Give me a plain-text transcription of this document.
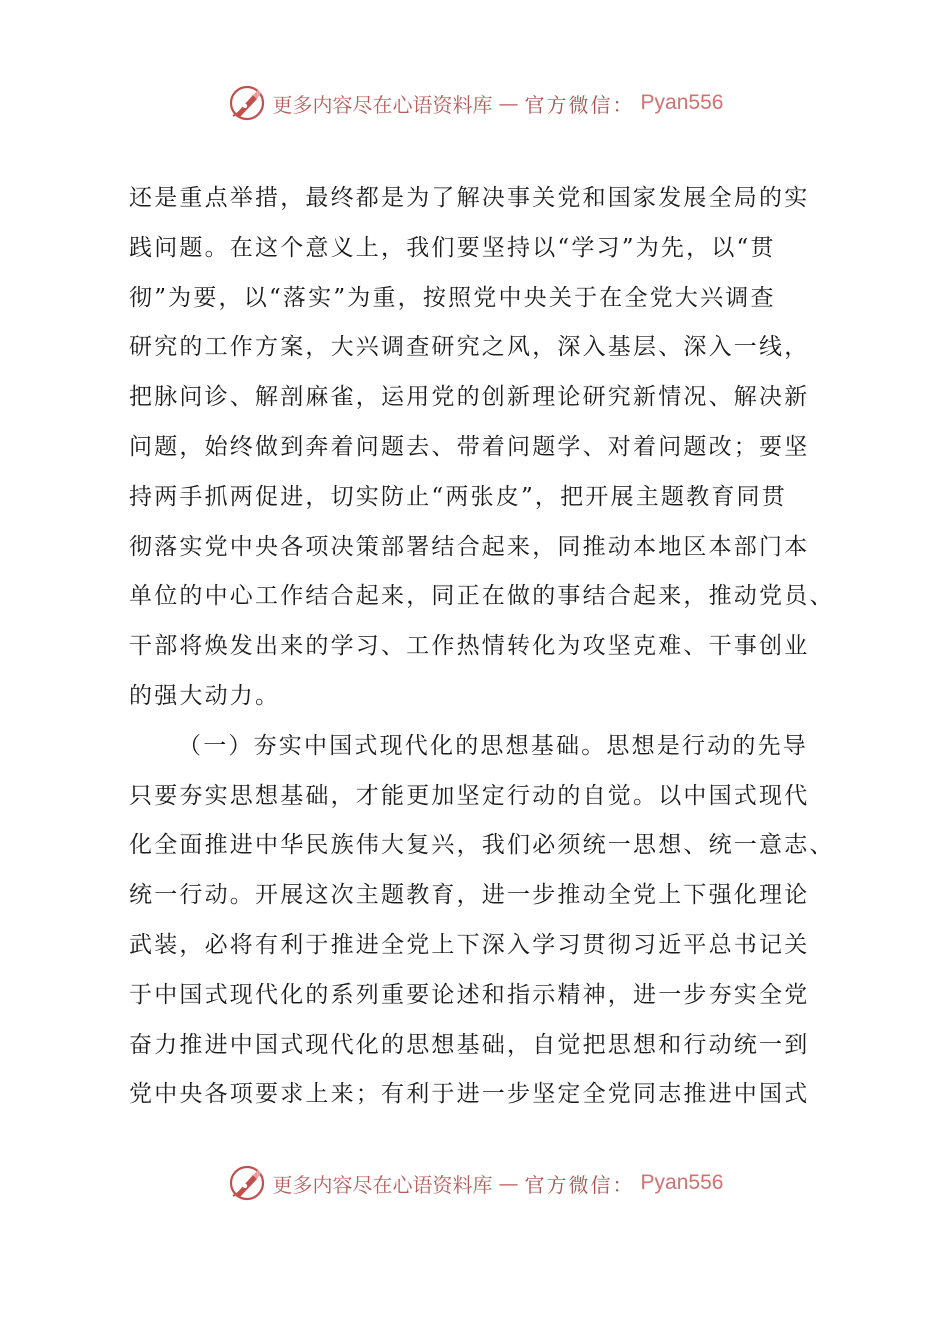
更多内容尽在心语资料库 — 官方微信： Pyan556
还是重点举措，最终都是为了解决事关党和国家发展全局的实
践问题。在这个意义上，我们要坚持以“学习”为先，以“贯
彻”为要，以“落实”为重，按照党中央关于在全党大兴调查
研究的工作方案，大兴调查研究之风，深入基层、深入一线，
把脉问诊、解剖麻雀，运用党的创新理论研究新情况、解决新
问题，始终做到奔着问题去、带着问题学、对着问题改；要坚
持两手抓两促进，切实防止“两张皮”，把开展主题教育同贯
彻落实党中央各项决策部署结合起来，同推动本地区本部门本
单位的中心工作结合起来，同正在做的事结合起来，推动党员、
干部将焕发出来的学习、工作热情转化为攻坚克难、干事创业
的强大动力。
（一）夯实中国式现代化的思想基础。思想是行动的先导
只要夯实思想基础，才能更加坚定行动的自觉。以中国式现代
化全面推进中华民族伟大复兴，我们必须统一思想、统一意志、
统一行动。开展这次主题教育，进一步推动全党上下强化理论
武装，必将有利于推进全党上下深入学习贯彻习近平总书记关
于中国式现代化的系列重要论述和指示精神，进一步夯实全党
奋力推进中国式现代化的思想基础，自觉把思想和行动统一到
党中央各项要求上来；有利于进一步坚定全党同志推进中国式
更多内容尽在心语资料库 — 官方微信： Pyan556
